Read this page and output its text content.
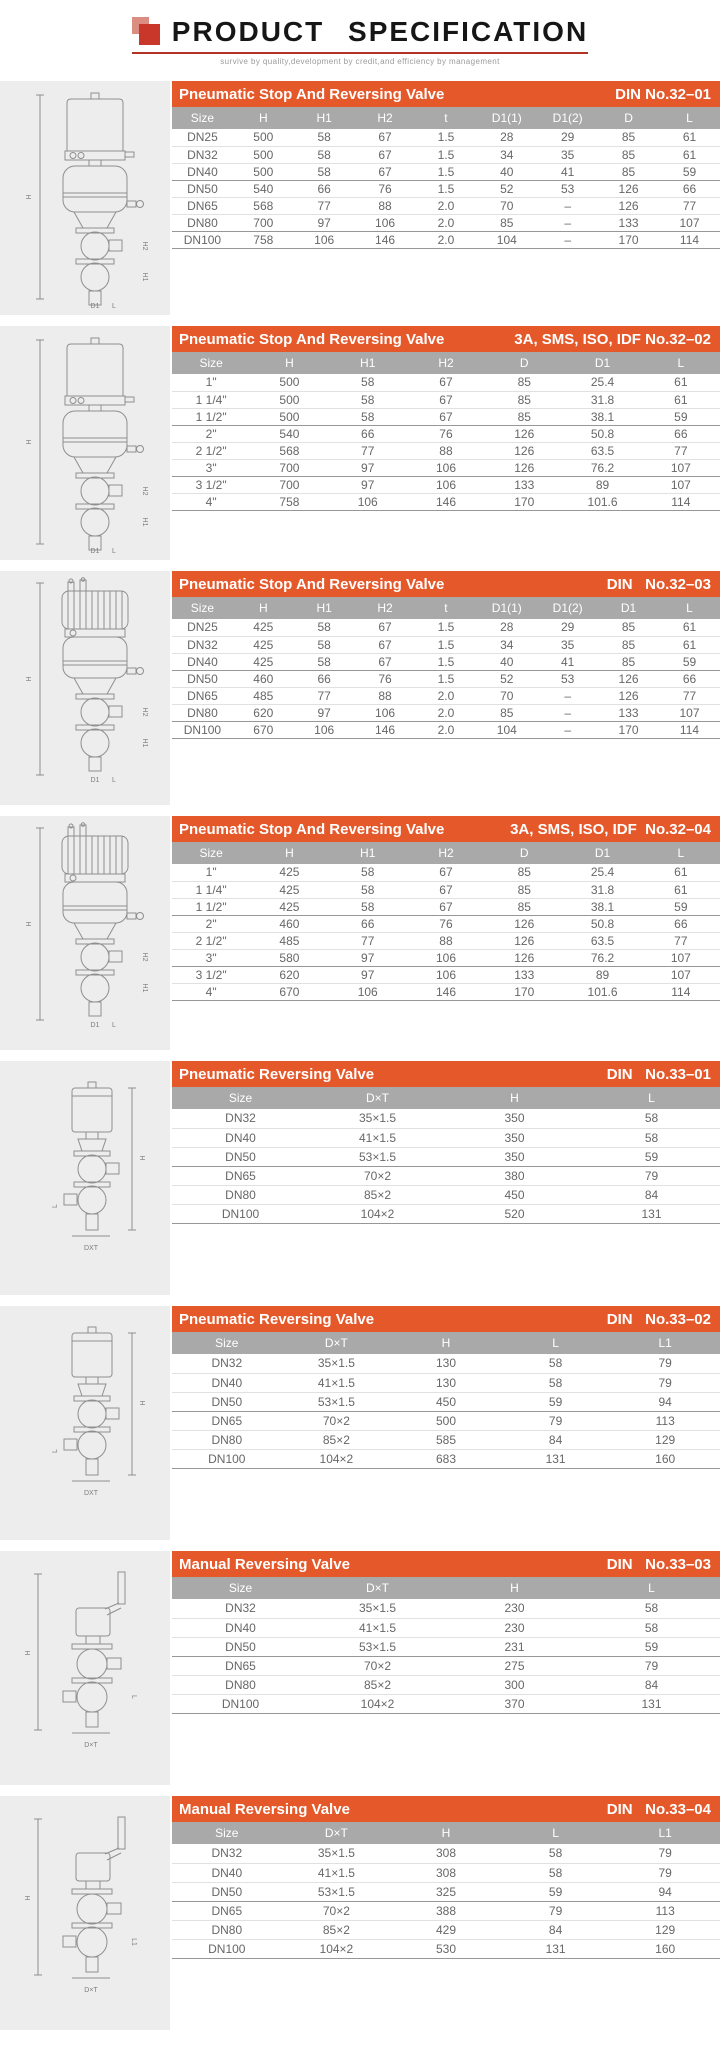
PRODUCT SPECIFICATION
survive by quality,development by credit,and efficiency by management
H
H2
H1
D1 L
Pneumatic Stop And Reversing Valve	DIN No.32–01
Size	H	H1	H2	t	D1(1)	D1(2)	D	L
DN25	500	58	67	1.5	28	29	85	61
DN32	500	58	67	1.5	34	35	85	61
DN40	500	58	67	1.5	40	41	85	59
DN50	540	66	76	1.5	52	53	126	66
DN65	568	77	88	2.0	70	–	126	77
DN80	700	97	106	2.0	85	–	133	107
DN100	758	106	146	2.0	104	–	170	114
H
H2
H1
D1 L
Pneumatic Stop And Reversing Valve	3A, SMS, ISO, IDF No.32–02
Size	H	H1	H2	D	D1	L
1"	500	58	67	85	25.4	61
1 1/4"	500	58	67	85	31.8	61
1 1/2"	500	58	67	85	38.1	59
2"	540	66	76	126	50.8	66
2 1/2"	568	77	88	126	63.5	77
3"	700	97	106	126	76.2	107
3 1/2"	700	97	106	133	89	107
4"	758	106	146	170	101.6	114
H
H2
H1
D1 L
Pneumatic Stop And Reversing Valve	DIN   No.32–03
Size	H	H1	H2	t	D1(1)	D1(2)	D1	L
DN25	425	58	67	1.5	28	29	85	61
DN32	425	58	67	1.5	34	35	85	61
DN40	425	58	67	1.5	40	41	85	59
DN50	460	66	76	1.5	52	53	126	66
DN65	485	77	88	2.0	70	–	126	77
DN80	620	97	106	2.0	85	–	133	107
DN100	670	106	146	2.0	104	–	170	114
H
H2
H1
D1 L
Pneumatic Stop And Reversing Valve	3A, SMS, ISO, IDF  No.32–04
Size	H	H1	H2	D	D1	L
1"	425	58	67	85	25.4	61
1 1/4"	425	58	67	85	31.8	61
1 1/2"	425	58	67	85	38.1	59
2"	460	66	76	126	50.8	66
2 1/2"	485	77	88	126	63.5	77
3"	580	97	106	126	76.2	107
3 1/2"	620	97	106	133	89	107
4"	670	106	146	170	101.6	114
H
L
DXT
Pneumatic Reversing Valve	DIN   No.33–01
Size	D×T	H	L
DN32	35×1.5	350	58
DN40	41×1.5	350	58
DN50	53×1.5	350	59
DN65	70×2	380	79
DN80	85×2	450	84
DN100	104×2	520	131
H
L
DXT
Pneumatic Reversing Valve	DIN   No.33–02
Size	D×T	H	L	L1
DN32	35×1.5	130	58	79
DN40	41×1.5	130	58	79
DN50	53×1.5	450	59	94
DN65	70×2	500	79	113
DN80	85×2	585	84	129
DN100	104×2	683	131	160
H
D×T
L
Manual Reversing Valve	DIN   No.33–03
Size	D×T	H	L
DN32	35×1.5	230	58
DN40	41×1.5	230	58
DN50	53×1.5	231	59
DN65	70×2	275	79
DN80	85×2	300	84
DN100	104×2	370	131
H
D×T
L1
Manual Reversing Valve	DIN   No.33–04
Size	D×T	H	L	L1
DN32	35×1.5	308	58	79
DN40	41×1.5	308	58	79
DN50	53×1.5	325	59	94
DN65	70×2	388	79	113
DN80	85×2	429	84	129
DN100	104×2	530	131	160
